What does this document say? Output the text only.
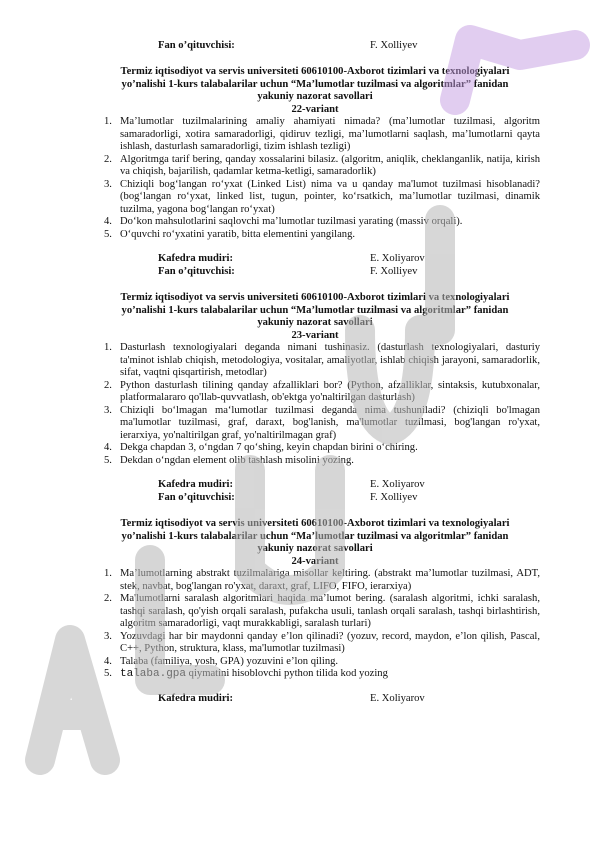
Fan o’qituvchisi:	F. Xolliyev
Termiz iqtisodiyot va servis universiteti 60610100-Axborot tizimlari va texnologiyalari
yo’nalishi 1-kurs talabalarilar uchun “Ma’lumotlar tuzilmasi va algoritmlar” fanidan
yakuniy nazorat savollari
22-variant
1. Ma’lumotlar tuzilmalarining amaliy ahamiyati nimada? (ma’lumotlar tuzilmasi, algoritm samaradorligi, xotira samaradorligi, qidiruv tezligi, ma’lumotlarni saqlash, ma’lumotlarni qayta ishlash, dasturlash samaradorligi, tizim ishlash tezligi)
2. Algoritmga tarif bering, qanday xossalarini bilasiz. (algoritm, aniqlik, cheklanganlik, natija, kirish va chiqish, bajarilish, qadamlar ketma-ketligi, samaradorlik)
3. Chiziqli bog‘langan ro‘yxat (Linked List) nima va u qanday ma'lumot tuzilmasi hisoblanadi? (bog‘langan ro‘yxat, linked list, tugun, pointer, ko‘rsatkich, ma’lumotlar tuzilmasi, dinamik tuzilma, yagona bog‘langan ro‘yxat)
4. Do‘kon mahsulotlarini saqlovchi ma’lumotlar tuzilmasi yarating (massiv orqali).
5. O‘quvchi ro‘yxatini yaratib, bitta elementini yangilang.
Kafedra mudiri:	E. Xoliyarov
Fan o’qituvchisi:	F. Xolliyev
Termiz iqtisodiyot va servis universiteti 60610100-Axborot tizimlari va texnologiyalari
yo’nalishi 1-kurs talabalarilar uchun “Ma’lumotlar tuzilmasi va algoritmlar” fanidan
yakuniy nazorat savollari
23-variant
1. Dasturlash texnologiyalari deganda nimani tushinasiz. (dasturlash texnologiyalari, dasturiy ta'minot ishlab chiqish, metodologiya, vositalar, amaliyotlar, ishlab chiqish jarayoni, samaradorlik, sifat, vaqtni qisqartirish, metodlar)
2. Python dasturlash tilining qanday afzalliklari bor? (Python, afzalliklar, sintaksis, kutubxonalar, platformalararo qo'llab-quvvatlash, ob'ektga yo'naltirilgan dasturlash)
3. Chiziqli bo‘lmagan ma‘lumotlar tuzilmasi deganda nima tushuniladi? (chiziqli bo'lmagan ma'lumotlar tuzilmasi, graf, daraxt, bog'lanish, ma'lumotlar tuzilmasi, bog'langan ro'yxat, ierarxiya, yo'naltirilgan graf, yo'naltirilmagan graf)
4. Dekga chapdan 3, o‘ngdan 7 qo‘shing, keyin chapdan birini o‘chiring.
5. Dekdan o‘ngdan element olib tashlash misolini yozing.
Kafedra mudiri:	E. Xoliyarov
Fan o’qituvchisi:	F. Xolliyev
Termiz iqtisodiyot va servis universiteti 60610100-Axborot tizimlari va texnologiyalari
yo’nalishi 1-kurs talabalarilar uchun “Ma’lumotlar tuzilmasi va algoritmlar” fanidan
yakuniy nazorat savollari
24-variant
1. Ma’lumotlarning abstrakt tuzilmalariga misollar keltiring. (abstrakt ma’lumotlar tuzilmasi, ADT, stek, navbat, bog'langan ro'yxat, daraxt, graf, LIFO, FIFO, ierarxiya)
2. Ma'lumotlarni saralash algoritmlari haqida ma’lumot bering. (saralash algoritmi, ichki saralash, tashqi saralash, qo'yish orqali saralash, pufakcha usuli, tanlash orqali saralash, tashqi birlashtirish, algoritm samaradorligi, vaqt murakkabligi, saralash turlari)
3. Yozuvdagi har bir maydonni qanday e’lon qilinadi? (yozuv, record, maydon, e’lon qilish, Pascal, C++, Python, struktura, klass, ma'lumotlar tuzilmasi)
4. Talaba (familiya, yosh, GPA) yozuvini e’lon qiling.
5. talaba.gpa qiymatini hisoblovchi python tilida kod yozing
Kafedra mudiri:	E. Xoliyarov
